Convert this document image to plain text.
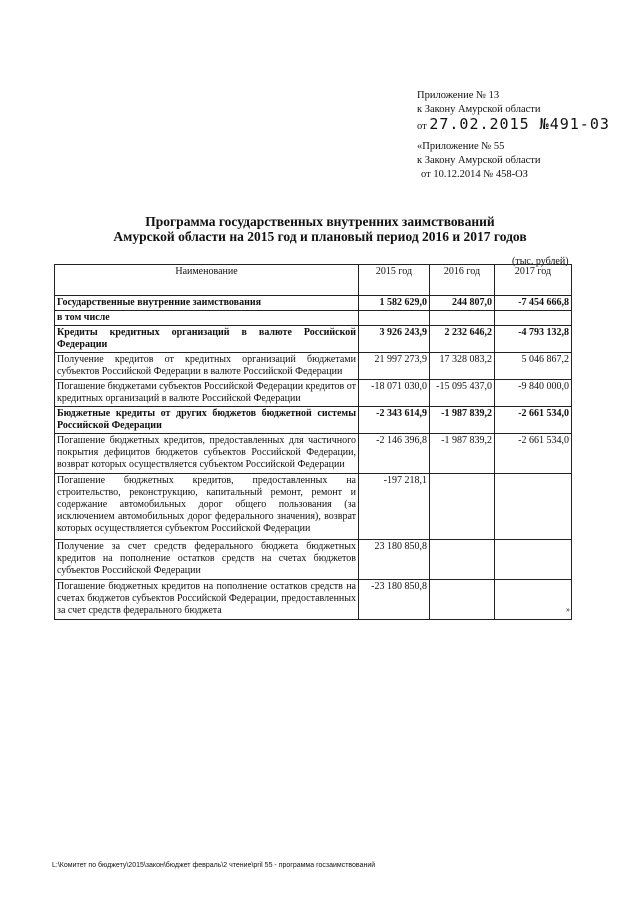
Приложение № 13
к Закону Амурской области
от 27.02.2015 №491-03
«Приложение № 55
к Закону Амурской области
от 10.12.2014 № 458-ОЗ
Программа государственных внутренних заимствований
Амурской области на 2015 год и плановый период 2016 и 2017 годов
(тыс. рублей)
Наименование	2015 год	2016 год	2017 год
Государственные внутренние заимствования	1 582 629,0	244 807,0	-7 454 666,8
в том числе			
Кредиты кредитных организаций в валюте Российской Федерации	3 926 243,9	2 232 646,2	-4 793 132,8
Получение кредитов от кредитных организаций бюджетами субъектов Российской Федерации в валюте Российской Федерации	21 997 273,9	17 328 083,2	5 046 867,2
Погашение бюджетами субъектов Российской Федерации кредитов от кредитных организаций в валюте Российской Федерации	-18 071 030,0	-15 095 437,0	-9 840 000,0
Бюджетные кредиты от других бюджетов бюджетной системы Российской Федерации	-2 343 614,9	-1 987 839,2	-2 661 534,0
Погашение бюджетных кредитов, предоставленных для частичного покрытия дефицитов бюджетов субъектов Российской Федерации, возврат которых осуществляется субъектом Российской Федерации	-2 146 396,8	-1 987 839,2	-2 661 534,0
Погашение бюджетных кредитов, предоставленных на строительство, реконструкцию, капитальный ремонт, ремонт и содержание автомобильных дорог общего пользования (за исключением автомобильных дорог федерального значения), возврат которых осуществляется субъектом Российской Федерации	-197 218,1		
Получение за счет средств федерального бюджета бюджетных кредитов на пополнение остатков средств на счетах бюджетов субъектов Российской Федерации	23 180 850,8		
Погашение бюджетных кредитов на пополнение остатков средств на счетах бюджетов субъектов Российской Федерации, предоставленных за счет средств федерального бюджета	-23 180 850,8		
»
L:\Комитет по бюджету\2015\закон\бюджет февраль\2 чтение\pril 55 - программа госзаимствований
